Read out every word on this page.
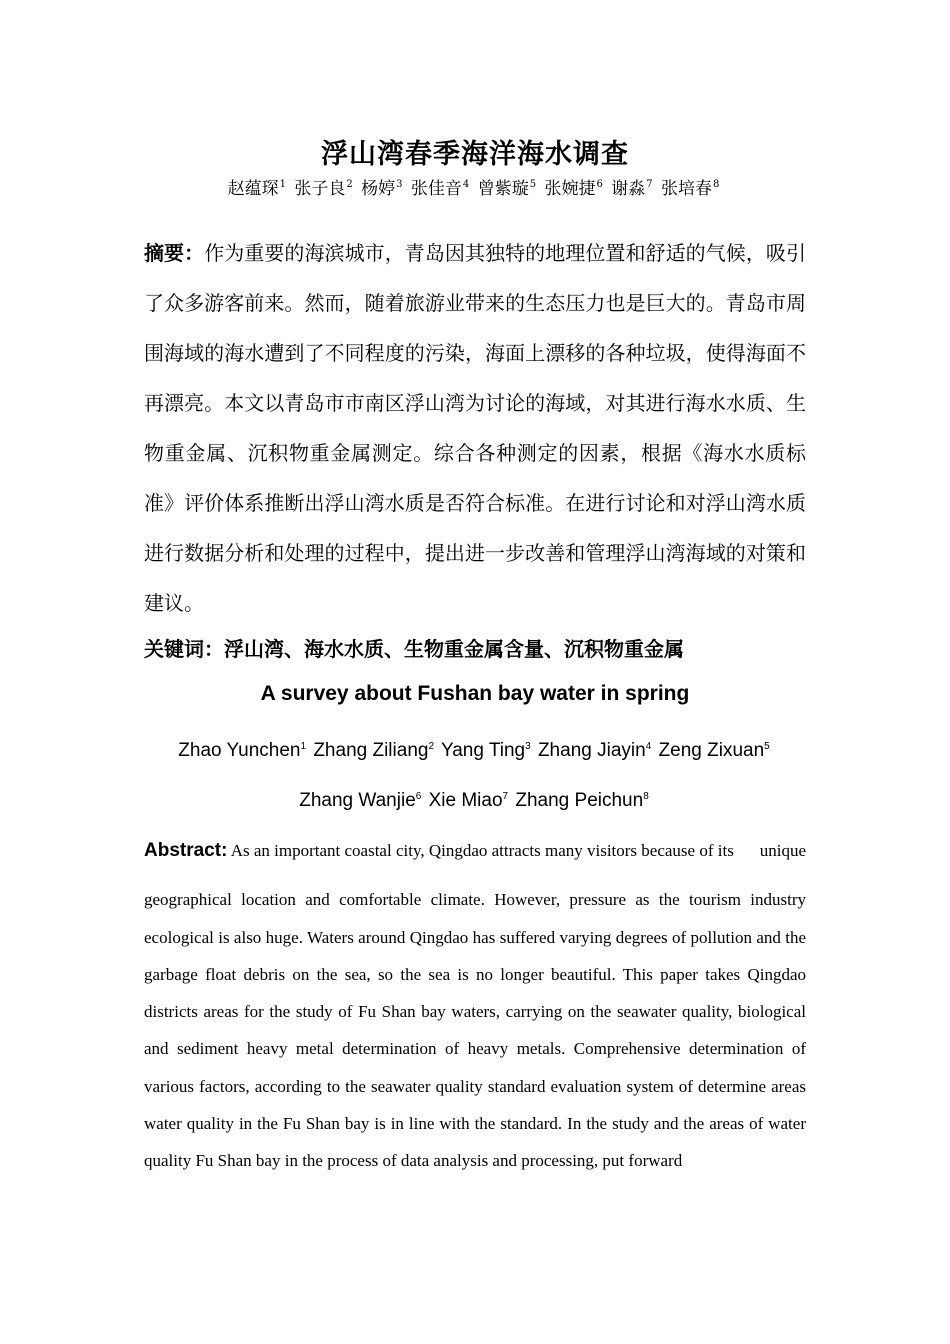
浮山湾春季海洋海水调查
赵蕴琛$^1$ 张子良$^2$ 杨婷$^3$ 张佳音$^4$ 曾紫璇$^5$ 张婉捷$^6$ 谢淼$^7$ 张培春$^8$
摘要：作为重要的海滨城市，青岛因其独特的地理位置和舒适的气候，吸引了众多游客前来。然而，随着旅游业带来的生态压力也是巨大的。青岛市周围海域的海水遭到了不同程度的污染，海面上漂移的各种垃圾，使得海面不再漂亮。本文以青岛市市南区浮山湾为讨论的海域，对其进行海水水质、生物重金属、沉积物重金属测定。综合各种测定的因素，根据《海水水质标准》评价体系推断出浮山湾水质是否符合标准。在进行讨论和对浮山湾水质进行数据分析和处理的过程中，提出进一步改善和管理浮山湾海域的对策和建议。
关键词：浮山湾、海水水质、生物重金属含量、沉积物重金属
A survey about Fushan bay water in spring
Zhao Yunchen$^1$ Zhang Ziliang$^2$ Yang Ting$^3$ Zhang Jiayin$^4$ Zeng Zixuan$^5$
Zhang Wanjie$^6$ Xie Miao$^7$ Zhang Peichun$^8$
Abstract: As an important coastal city, Qingdao attracts many visitors because of its unique geographical location and comfortable climate. However, pressure as the tourism industry ecological is also huge. Waters around Qingdao has suffered varying degrees of pollution and the garbage float debris on the sea, so the sea is no longer beautiful. This paper takes Qingdao districts areas for the study of Fu Shan bay waters, carrying on the seawater quality, biological and sediment heavy metal determination of heavy metals. Comprehensive determination of various factors, according to the seawater quality standard evaluation system of determine areas water quality in the Fu Shan bay is in line with the standard. In the study and the areas of water quality Fu Shan bay in the process of data analysis and processing, put forward
